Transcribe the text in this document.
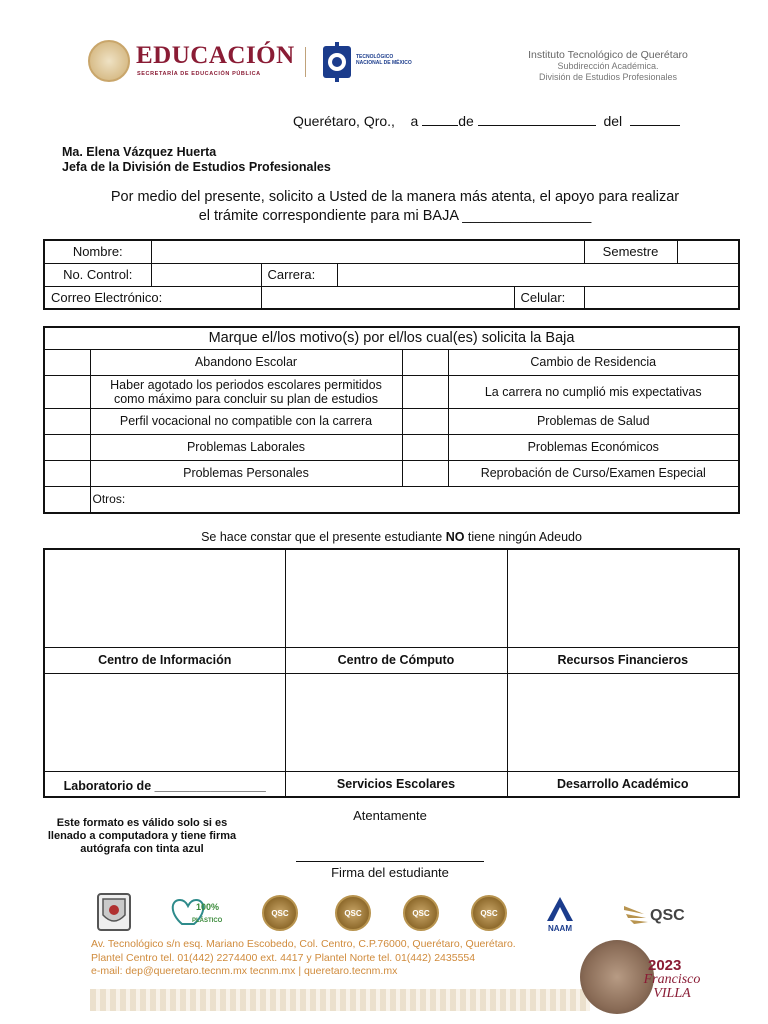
EDUCACIÓN
SECRETARÍA DE EDUCACIÓN PÚBLICA
TECNOLÓGICO
NACIONAL DE MÉXICO
Instituto Tecnológico de Querétaro
Subdirección Académica.
División de Estudios Profesionales
Querétaro, Qro., a	de	del
Ma. Elena Vázquez Huerta
Jefa de la División de Estudios Profesionales
Por medio del presente, solicito a Usted de la manera más atenta, el apoyo para realizar
el trámite correspondiente para mi BAJA ________________
Nombre:					Semestre	
No. Control:		Carrera:				
Correo Electrónico:				Celular:		
Marque el/los motivo(s) por el/los cual(es) solicita la Baja			
	Abandono Escolar		Cambio de Residencia

	Haber agotado los periodos escolares permitidos
como máximo para concluir su plan de estudios		La carrera no cumplió mis expectativas
	Perfil vocacional no compatible con la carrera		Problemas de Salud
	Problemas Laborales		Problemas Económicos
	Problemas Personales		Reprobación de Curso/Examen Especial
	Otros:		
Se hace constar que el presente estudiante NO tiene ningún Adeudo

Centro de Información	Centro de Cómputo	Recursos Financieros

Laboratorio de ________________	Servicios Escolares	Desarrollo Académico
Atentamente
Este formato es válido solo si es llenado a computadora y tiene firma autógrafa con tinta azul
Firma del estudiante
100%
PLÁSTICO
QSC	QSC	QSC	QSC
NAAM
QSC
Av. Tecnológico s/n esq. Mariano Escobedo, Col. Centro, C.P.76000, Querétaro, Querétaro.
Plantel Centro tel. 01(442) 2274400 ext. 4417 y Plantel Norte tel. 01(442) 2435554
e-mail: dep@queretaro.tecnm.mx tecnm.mx | queretaro.tecnm.mx	2023
Francisco
VILLA
